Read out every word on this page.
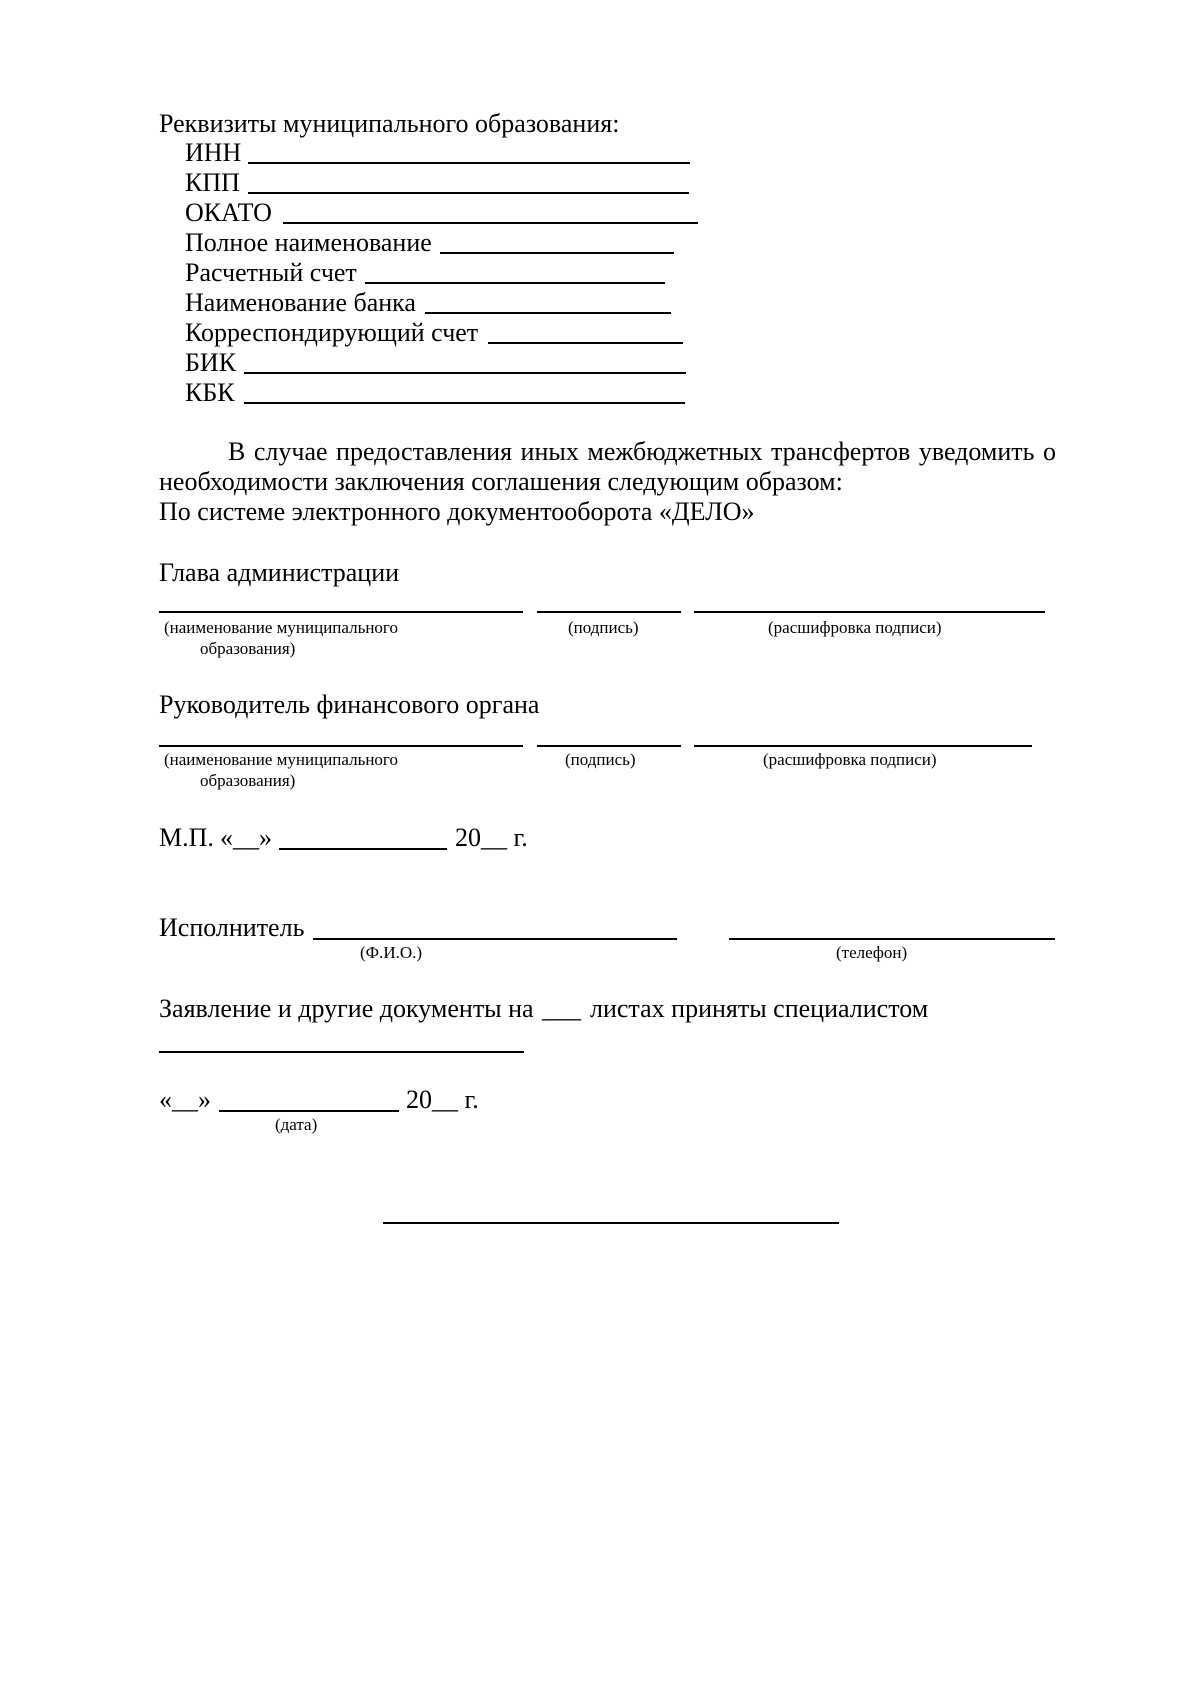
Реквизиты муниципального образования:
ИНН
КПП
ОКАТО
Полное наименование
Расчетный счет
Наименование банка
Корреспондирующий счет
БИК
КБК
В случае предоставления иных межбюджетных трансфертов уведомить о
необходимости заключения соглашения следующим образом:
По системе электронного документооборота «ДЕЛО»
Глава администрации
(наименование муниципального
образования)
(подпись)	(расшифровка подписи)
Руководитель финансового органа
(наименование муниципального
образования)
(подпись)	(расшифровка подписи)
М.П. «__»	20__ г.
Исполнитель
(Ф.И.О.)	(телефон)
Заявление и другие документы на ___ листах приняты специалистом
«__»	20__ г.
(дата)
